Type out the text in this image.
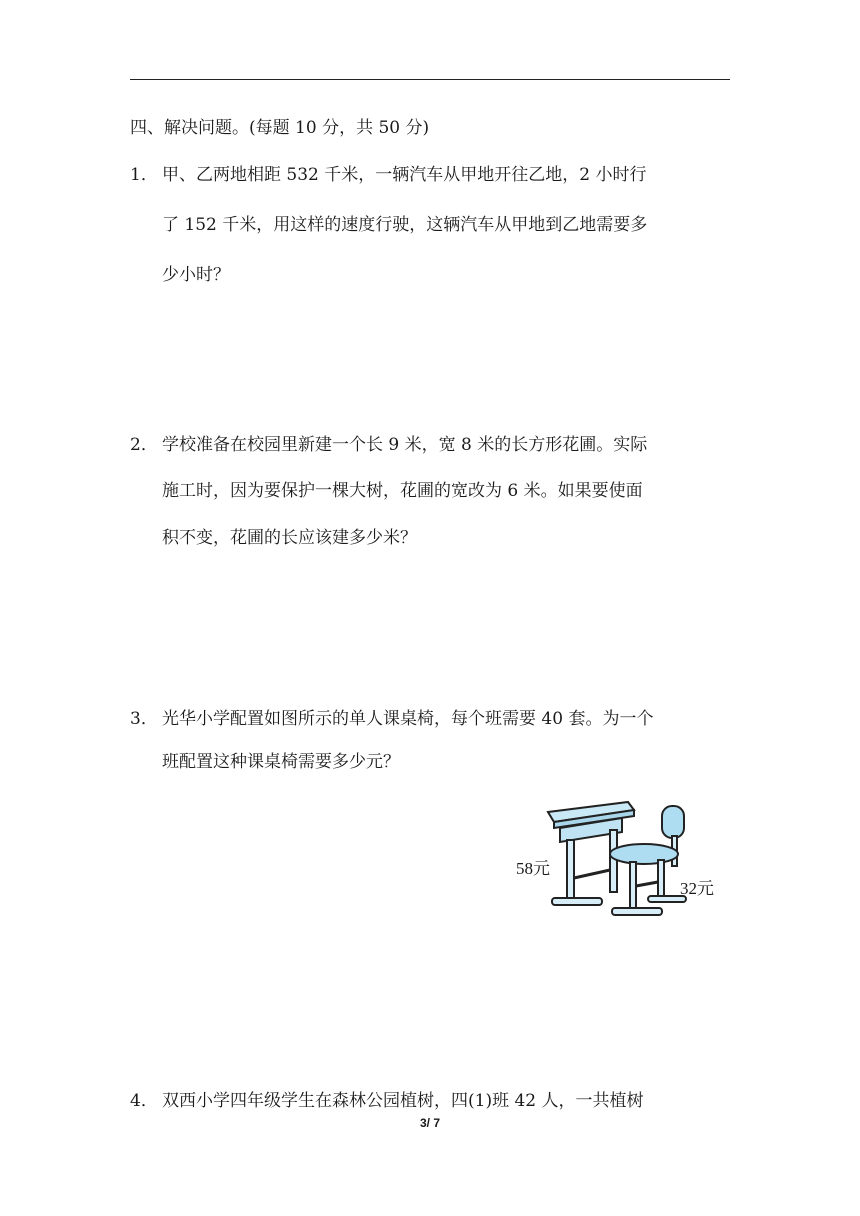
四、解决问题。(每题 10 分，共 50 分)
1． 甲、乙两地相距 532 千米，一辆汽车从甲地开往乙地，2 小时行
了 152 千米，用这样的速度行驶，这辆汽车从甲地到乙地需要多
少小时？
2． 学校准备在校园里新建一个长 9 米，宽 8 米的长方形花圃。实际
施工时，因为要保护一棵大树，花圃的宽改为 6 米。如果要使面
积不变，花圃的长应该建多少米？
3． 光华小学配置如图所示的单人课桌椅，每个班需要 40 套。为一个
班配置这种课桌椅需要多少元？
58元
32元
4． 双西小学四年级学生在森林公园植树，四(1)班 42 人，一共植树
3/ 7
